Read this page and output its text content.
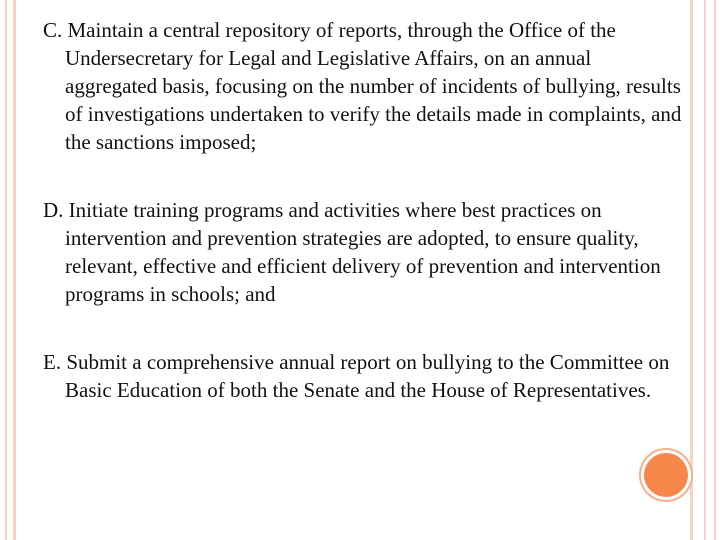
C. Maintain a central repository of reports, through the Office of the Undersecretary for Legal and Legislative Affairs, on an annual aggregated basis, focusing on the number of incidents of bullying, results of investigations undertaken to verify the details made in complaints, and the sanctions imposed;

D. Initiate training programs and activities where best practices on intervention and prevention strategies are adopted, to ensure quality, relevant, effective and efficient delivery of prevention and intervention programs in schools; and

E. Submit a comprehensive annual report on bullying to the Committee on Basic Education of both the Senate and the House of Representatives.
